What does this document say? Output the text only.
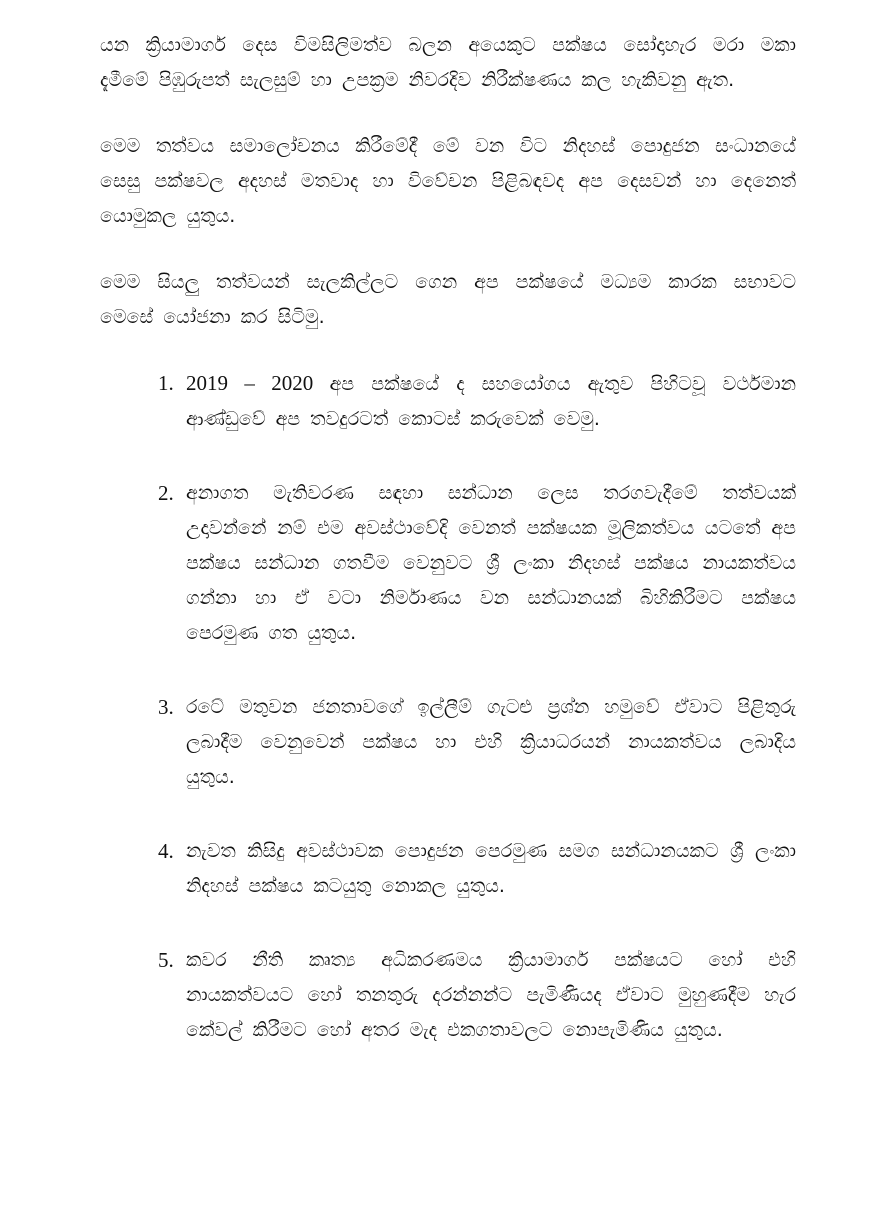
යන ක්‍රියාමාර්ග දෙස විමසිලිමත්ව බලන අයෙකුට පක්ෂය සෝදාහැර මරා මකා දැමීමේ පිඹුරුපත් සැලසුම් හා උපක්‍රම නිවරදිව නිරීක්ෂණය කල හැකිවනු ඇත.

මෙම තත්වය සමාලෝචනය කිරීමේදී මේ වන විට නිදහස් පොදුජන සංධානයේ සෙසු පක්ෂවල අදහස් මතවාද හා විවේචන පිළිබඳවද අප දෙසවන් හා දෙනෙත් යොමුකල යුතුය.

මෙම සියලු තත්වයන් සැලකිල්ලට ගෙන අප පක්ෂයේ මධ්‍යම කාරක සභාවට මෙසේ යෝජනා කර සිටිමු.

1. 2019 – 2020 අප පක්ෂයේ ද සහයෝගය ඇතුව පිහිටවූ වර්ථමාන ආණ්ඩුවේ අප තවදුරටත් කොටස් කරුවෙක් වෙමු.
2. අනාගත මැතිවරණ සඳහා සන්ධාන ලෙස තරගවැදීමේ තත්වයක් උදාවන්නේ නම් එම අවස්ථාවේදි වෙනත් පක්ෂයක මූලිකත්වය යටතේ අප පක්ෂය සන්ධාන ගතවීම වෙනුවට ශ්‍රී ලංකා නිදහස් පක්ෂය නායකත්වය ගන්නා හා ඒ වටා නිර්මාණය වන සන්ධානයක් බිහිකිරීමට පක්ෂය පෙරමුණ ගත යුතුය.
3. රටේ මතුවන ජනතාවගේ ඉල්ලීම් ගැටළු ප්‍රශ්න හමුවේ ඒවාට පිළිතුරු ලබාදීම වෙනුවෙන් පක්ෂය හා එහි ක්‍රියාධරයන් නායකත්වය ලබාදිය යුතුය.
4. නැවත කිසිදු අවස්ථාවක පොදුජන පෙරමුණ සමග සන්ධානයකට ශ්‍රී ලංකා නිදහස් පක්ෂය කටයුතු නොකල යුතුය.
5. කවර නීති කෘත්‍ය අධිකරණමය ක්‍රියාමාර්ග පක්ෂයට හෝ එහි නායකත්වයට හෝ තනතුරු දරන්නන්ට පැමිණියද ඒවාට මුහුණදීම හැර කේවල් කිරීමට හෝ අතර මැද එකගතාවලට නොපැමිණිය යුතුය.
